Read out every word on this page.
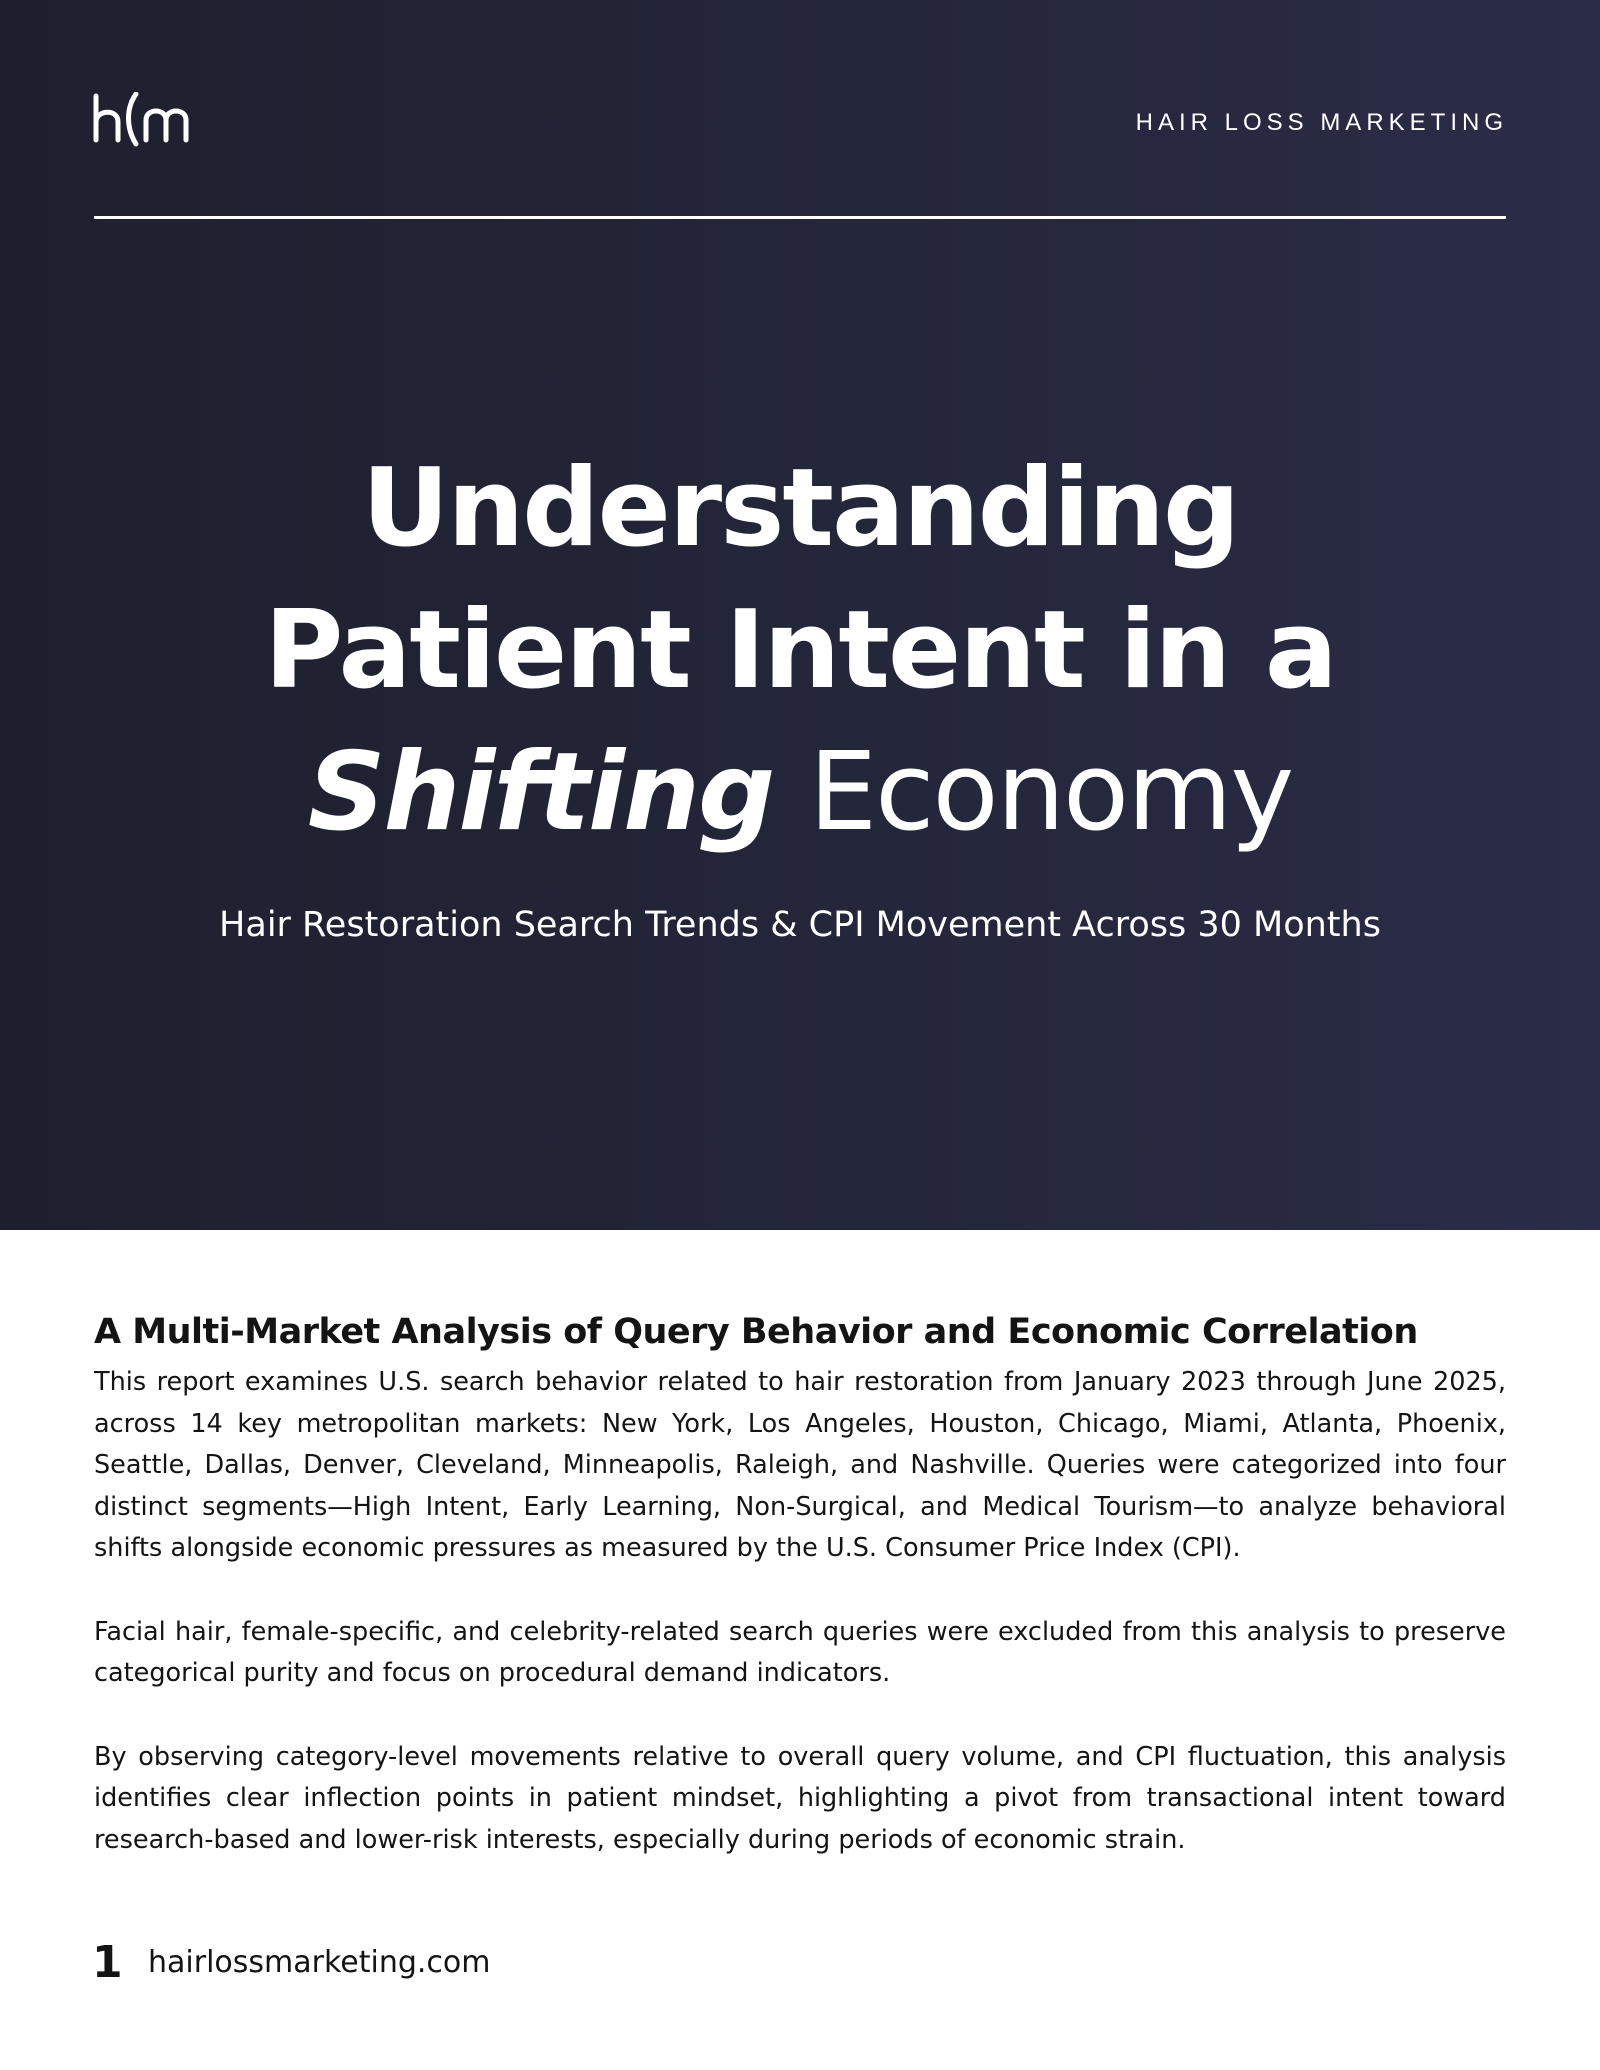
HAIR LOSS MARKETING
Understanding
Patient Intent in a
Shifting Economy
Hair Restoration Search Trends & CPI Movement Across 30 Months
A Multi-Market Analysis of Query Behavior and Economic Correlation

This report examines U.S. search behavior related to hair restoration from January 2023 through June 2025, across 14 key metropolitan markets: New York, Los Angeles, Houston, Chicago, Miami, Atlanta, Phoenix, Seattle, Dallas, Denver, Cleveland, Minneapolis, Raleigh, and Nashville. Queries were categorized into four distinct segments—High Intent, Early Learning, Non-Surgical, and Medical Tourism—to analyze behavioral shifts alongside economic pressures as measured by the U.S. Consumer Price Index (CPI).

Facial hair, female-specific, and celebrity-related search queries were excluded from this analysis to preserve categorical purity and focus on procedural demand indicators.

By observing category-level movements relative to overall query volume, and CPI fluctuation, this analysis identifies clear inflection points in patient mindset, highlighting a pivot from transactional intent toward research-based and lower-risk interests, especially during periods of economic strain.

1 hairlossmarketing.com
